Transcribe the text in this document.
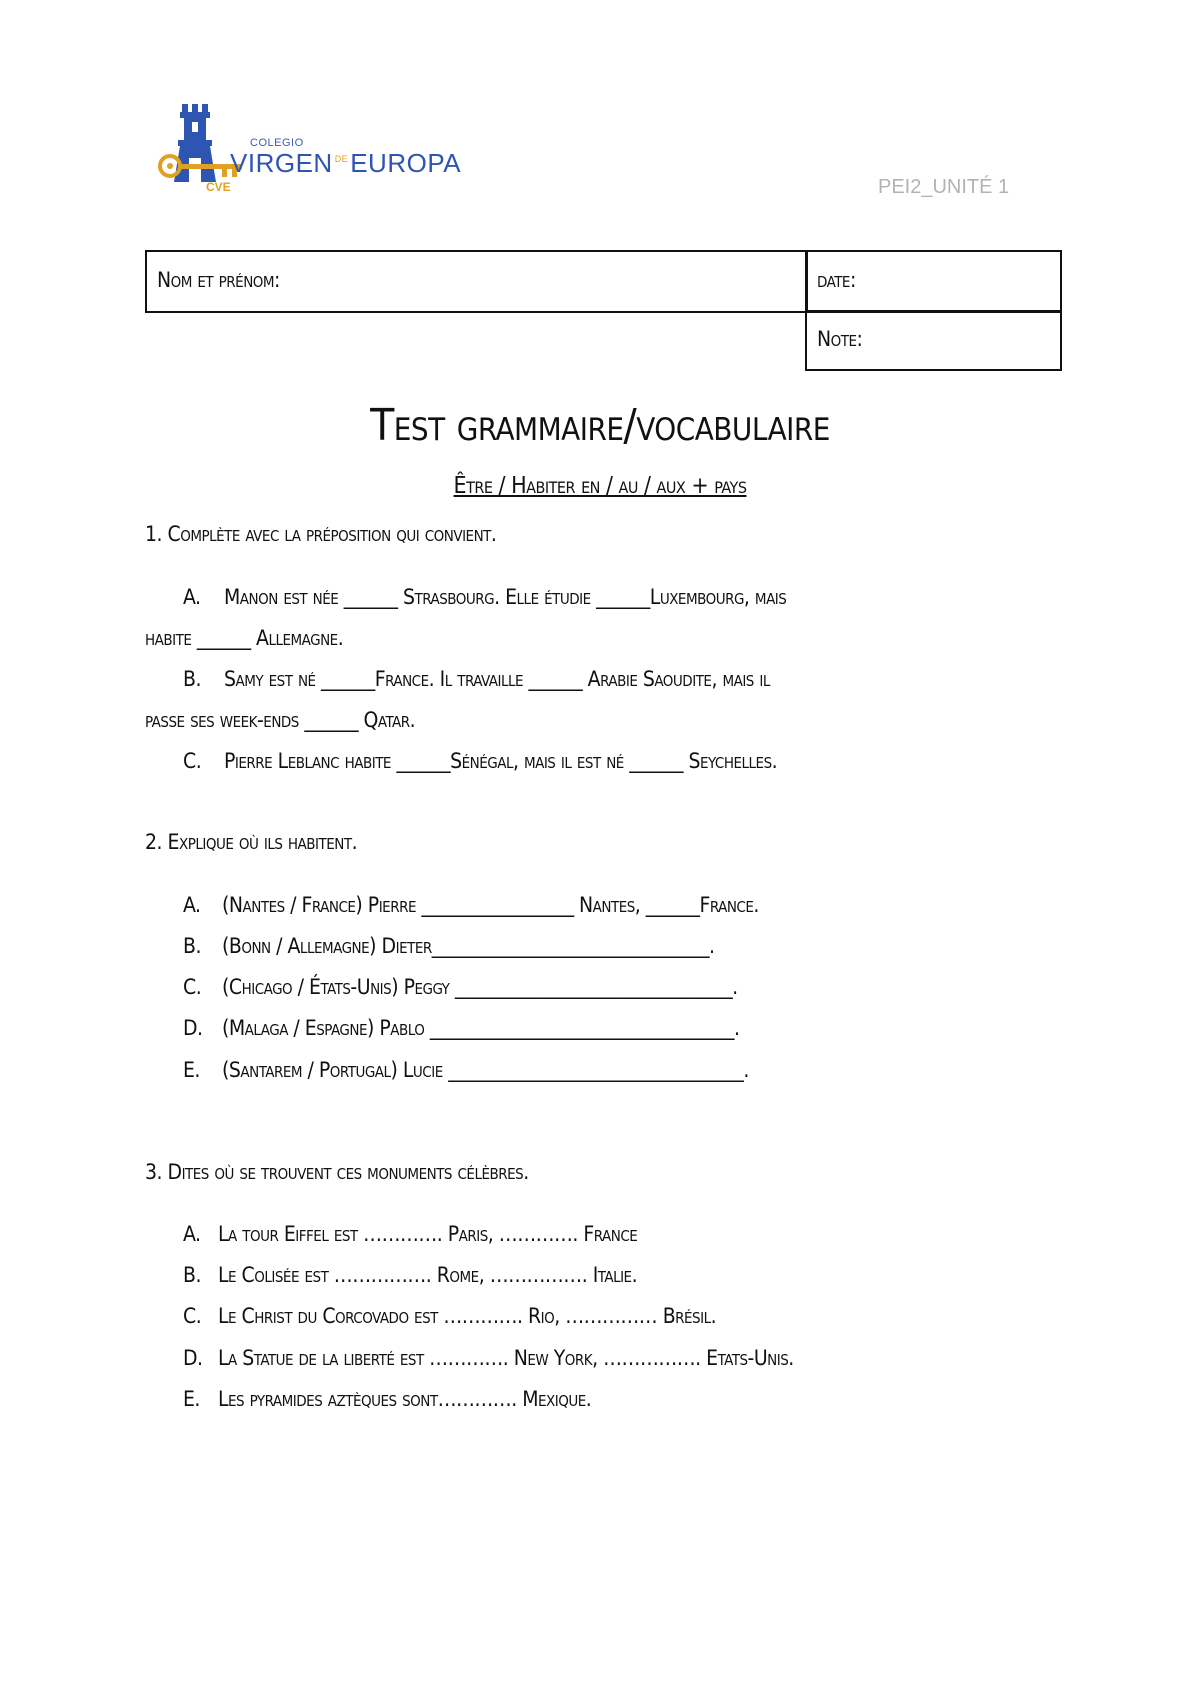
COLEGIO
VIRGEN $^{DE}$EUROPA
CVE	PEI2_UNITÉ 1
Nom et prénom:	date:
Note:
Test grammaire/vocabulaire
Être / Habiter en / au / aux + pays
1. Complète avec la préposition qui convient.
A. Manon est née ______ Strasbourg. Elle étudie ______Luxembourg, mais
habite ______ Allemagne.
B. Samy est né ______France. Il travaille ______ Arabie Saoudite, mais il
passe ses week-ends ______ Qatar.
C. Pierre Leblanc habite ______Sénégal, mais il est né ______ Seychelles.
2. Explique où ils habitent.
A. (Nantes / France) Pierre _________________ Nantes, ______France.
B. (Bonn / Allemagne) Dieter_______________________________.
C. (Chicago / États-Unis) Peggy _______________________________.
D. (Malaga / Espagne) Pablo __________________________________.
E. (Santarem / Portugal) Lucie _________________________________.
3. Dites où se trouvent ces monuments célèbres.
A. La tour Eiffel est …………. Paris, …………. France
B. Le Colisée est ……………. Rome, ……………. Italie.
C. Le Christ du Corcovado est …………. Rio, …………… Brésil.
D. La Statue de la liberté est …………. New York, ……………. Etats-Unis.
E. Les pyramides aztèques sont…………. Mexique.
